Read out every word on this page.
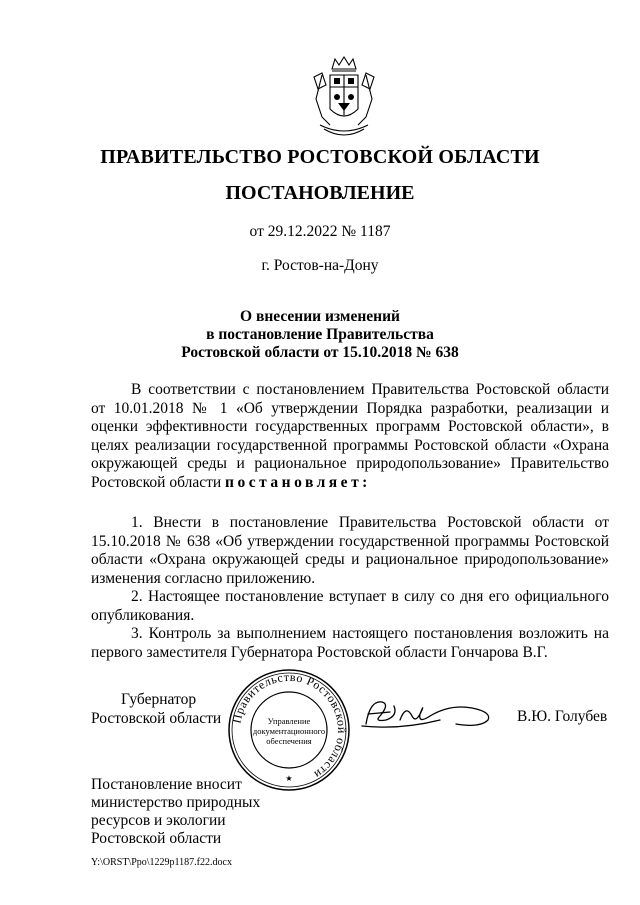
ПРАВИТЕЛЬСТВО РОСТОВСКОЙ ОБЛАСТИ
ПОСТАНОВЛЕНИЕ
от 29.12.2022 № 1187
г. Ростов-на-Дону
О внесении изменений
в постановление Правительства
Ростовской области от 15.10.2018 № 638

В соответствии с постановлением Правительства Ростовской области от 10.01.2018 № 1 «Об утверждении Порядка разработки, реализации и оценки эффективности государственных программ Ростовской области», в целях реализации государственной программы Ростовской области «Охрана окружающей среды и рациональное природопользование» Правительство Ростовской области постановляет:

1. Внести в постановление Правительства Ростовской области от 15.10.2018 № 638 «Об утверждении государственной программы Ростовской области «Охрана окружающей среды и рациональное природопользование» изменения согласно приложению.

2. Настоящее постановление вступает в силу со дня его официального опубликования.

3. Контроль за выполнением настоящего постановления возложить на первого заместителя Губернатора Ростовской области Гончарова В.Г.

Губернатор
Ростовской области Правительство Ростовской области
Управление
документационного
обеспечения
★
В.Ю. Голубев
Постановление вносит
министерство природных
ресурсов и экологии
Ростовской области
Y:\ORST\Ppo\1229p1187.f22.docx
